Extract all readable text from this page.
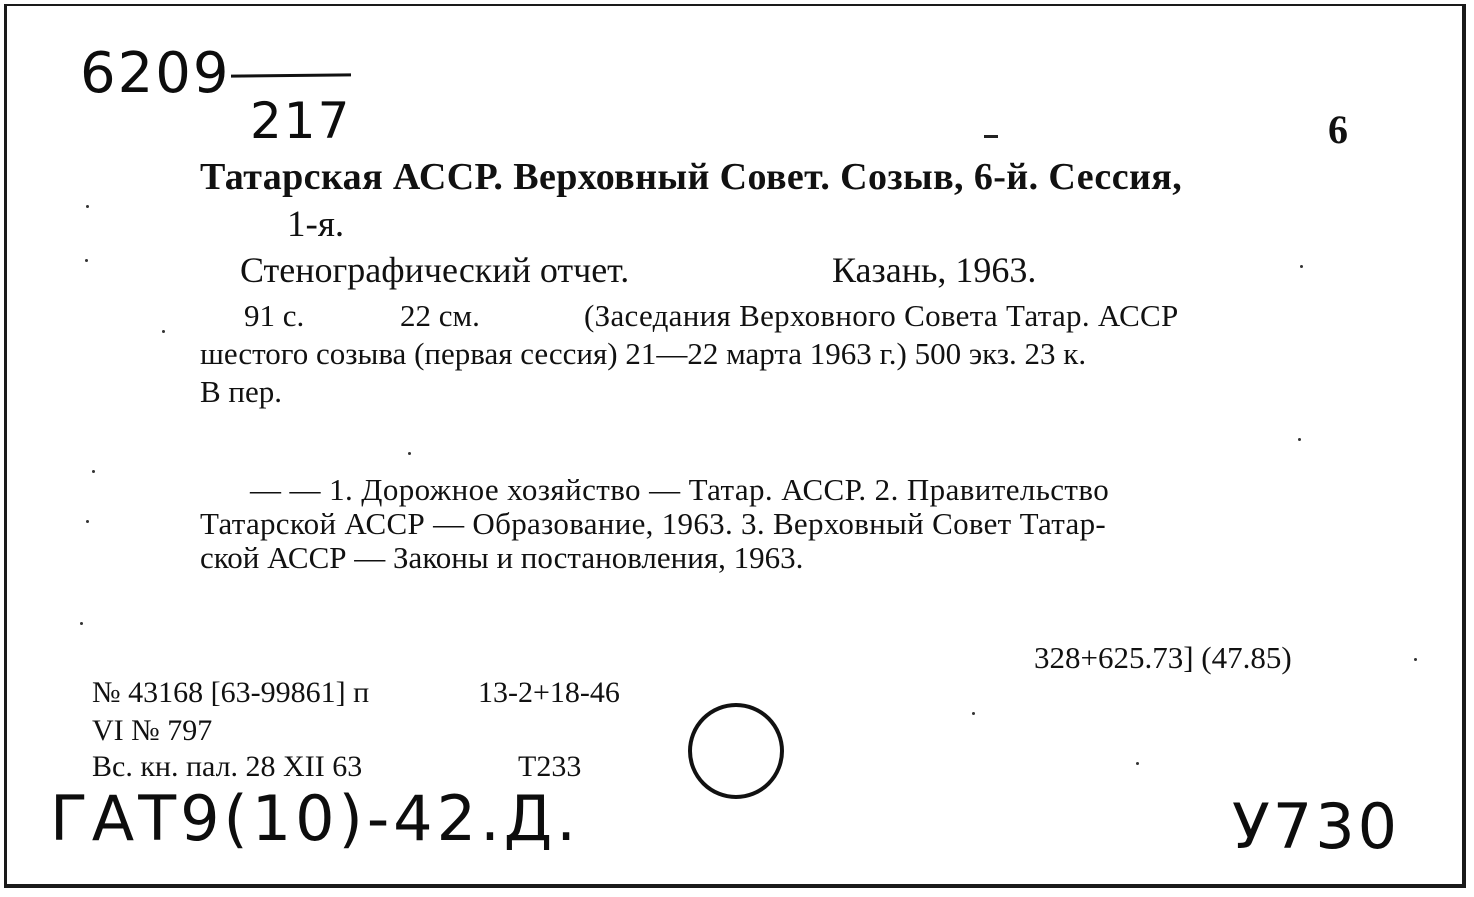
6209
217	6
Татарская АССР. Верховный Совет. Созыв, 6-й. Сессия,
1-я.
Стенографический отчет.	Казань, 1963.
91 с.	22 см.	(Заседания Верховного Совета Татар. АССР
шестого созыва (первая сессия) 21—22 марта 1963 г.) 500 экз. 23 к.
В пер.
— — 1. Дорожное хозяйство — Татар. АССР. 2. Правительство
Татарской АССР — Образование, 1963. 3. Верховный Совет Татар-
ской АССР — Законы и постановления, 1963.
328+625.73] (47.85)
№ 43168 [63-99861] п	13-2+18-46
VI № 797
Вс. кн. пал. 28 XII 63	Т233
ГАТ9(10)-42.Д.	У730
